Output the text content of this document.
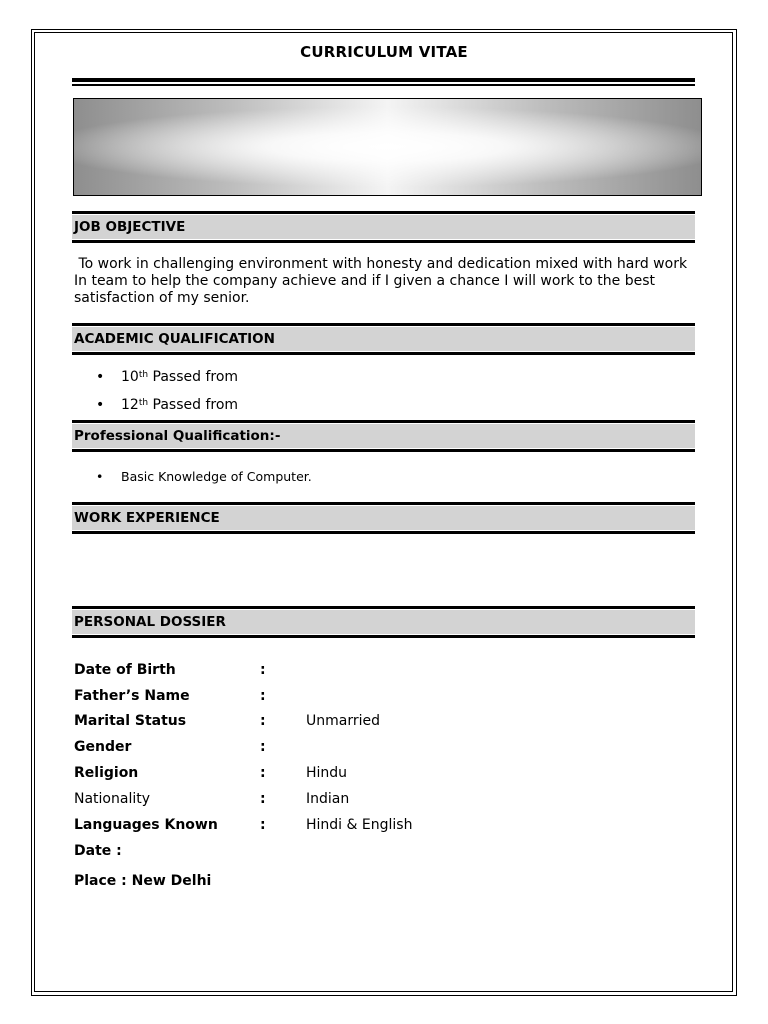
CURRICULUM VITAE
JOB OBJECTIVE
To work in challenging environment with honesty and dedication mixed with hard work
In team to help the company achieve and if I given a chance I will work to the best
satisfaction of my senior.
ACADEMIC QUALIFICATION
• 10th Passed from
• 12th Passed from
Professional Qualification:-
• Basic Knowledge of Computer.
WORK EXPERIENCE
PERSONAL DOSSIER
Date of Birth	:
Father’s Name	:
Marital Status	:	Unmarried
Gender	:
Religion	:	Hindu
Nationality	:	Indian
Languages Known	:	Hindi & English
Date :
Place : New Delhi
